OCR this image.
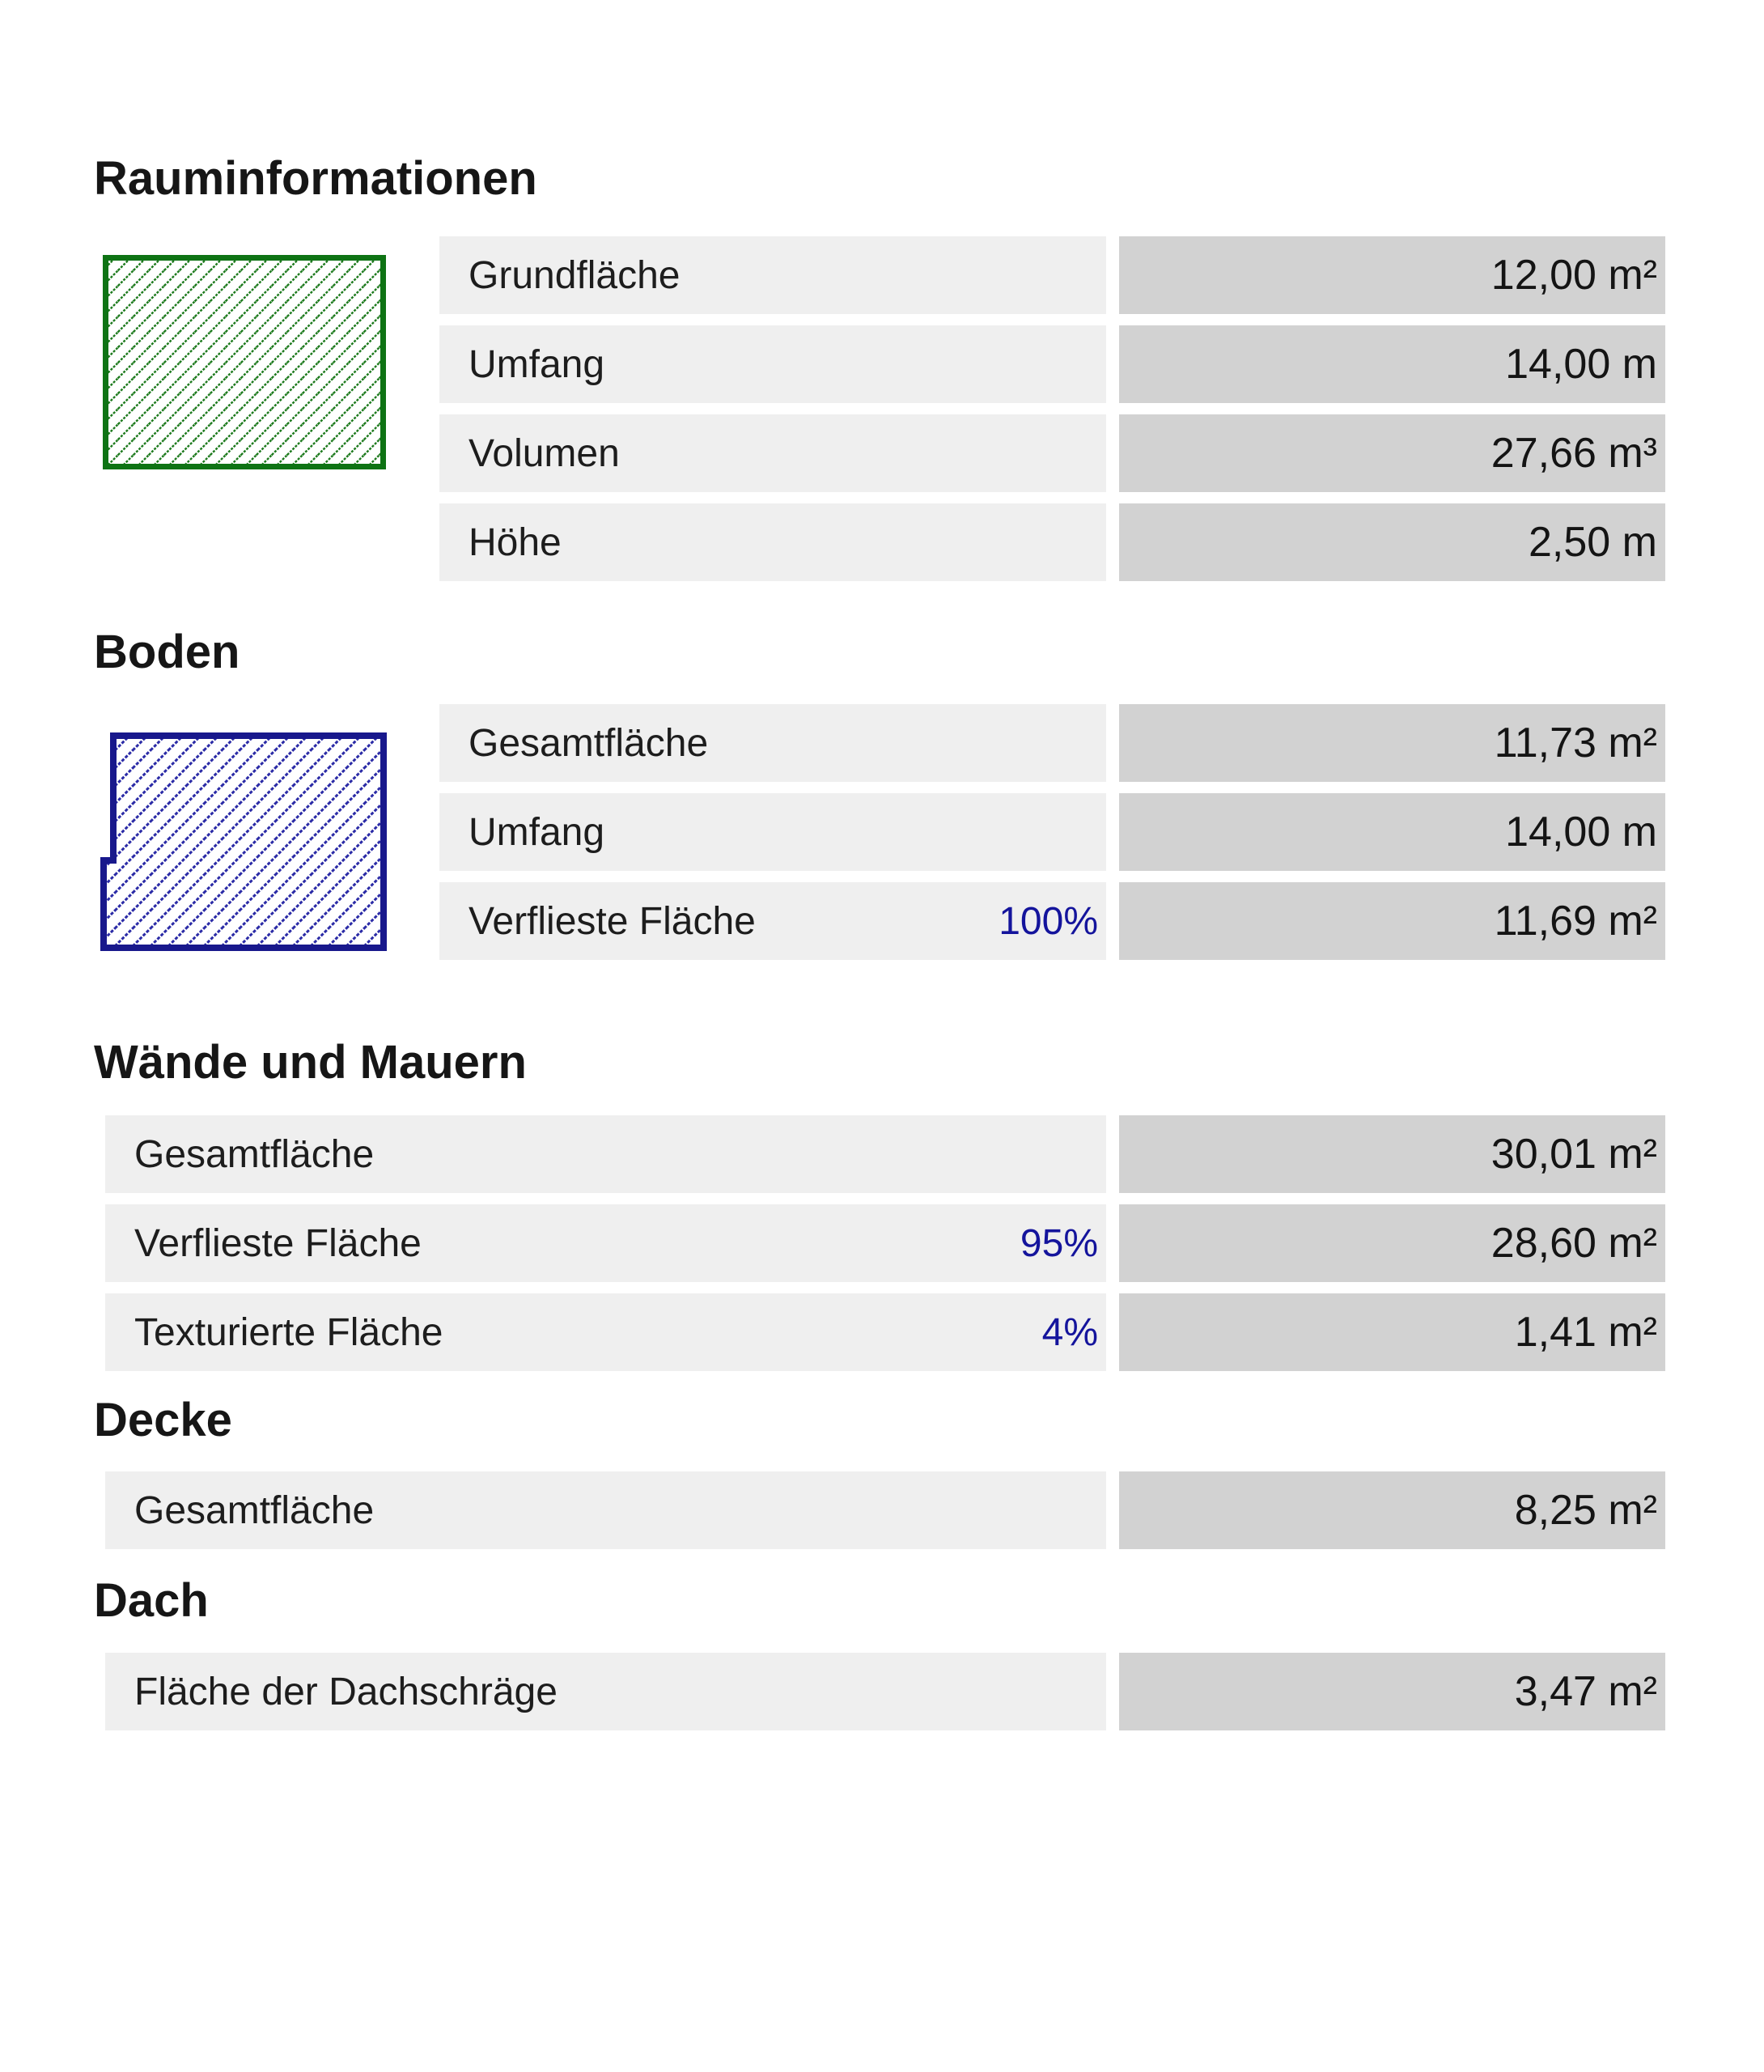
Rauminformationen
Grundfläche	12,00 m²
Umfang	14,00 m
Volumen	27,66 m³
Höhe	2,50 m
Boden
Gesamtfläche	11,73 m²
Umfang	14,00 m
Verflieste Fläche	100%	11,69 m²
Wände und Mauern
Gesamtfläche	30,01 m²
Verflieste Fläche	95%	28,60 m²
Texturierte Fläche	4%	1,41 m²
Decke
Gesamtfläche	8,25 m²
Dach
Fläche der Dachschräge	3,47 m²
